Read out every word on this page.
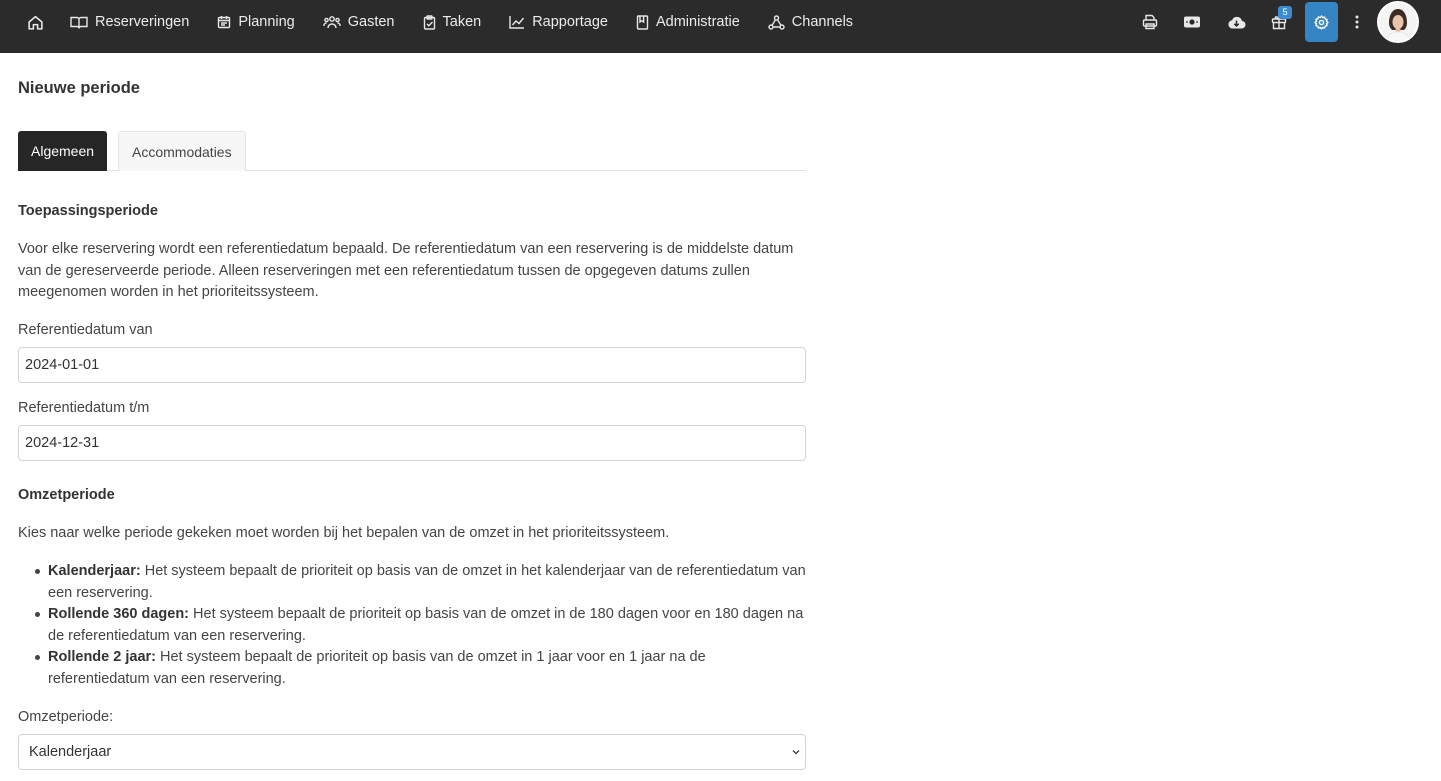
Reserveringen	Planning	Gasten	Taken	Rapportage	Administratie	Channels
5
Nieuwe periode
Algemeen	Accommodaties
Toepassingsperiode
Voor elke reservering wordt een referentiedatum bepaald. De referentiedatum van een reservering is de middelste datum van de gereserveerde periode. Alleen reserveringen met een referentiedatum tussen de opgegeven datums zullen meegenomen worden in het prioriteitssysteem.
Referentiedatum van
2024-01-01
Referentiedatum t/m
2024-12-31
Omzetperiode
Kies naar welke periode gekeken moet worden bij het bepalen van de omzet in het prioriteitssysteem.
Kalenderjaar: Het systeem bepaalt de prioriteit op basis van de omzet in het kalenderjaar van de referentiedatum van een reservering.
Rollende 360 dagen: Het systeem bepaalt de prioriteit op basis van de omzet in de 180 dagen voor en 180 dagen na de referentiedatum van een reservering.
Rollende 2 jaar: Het systeem bepaalt de prioriteit op basis van de omzet in 1 jaar voor en 1 jaar na de referentiedatum van een reservering.
Omzetperiode:
Kalenderjaar
